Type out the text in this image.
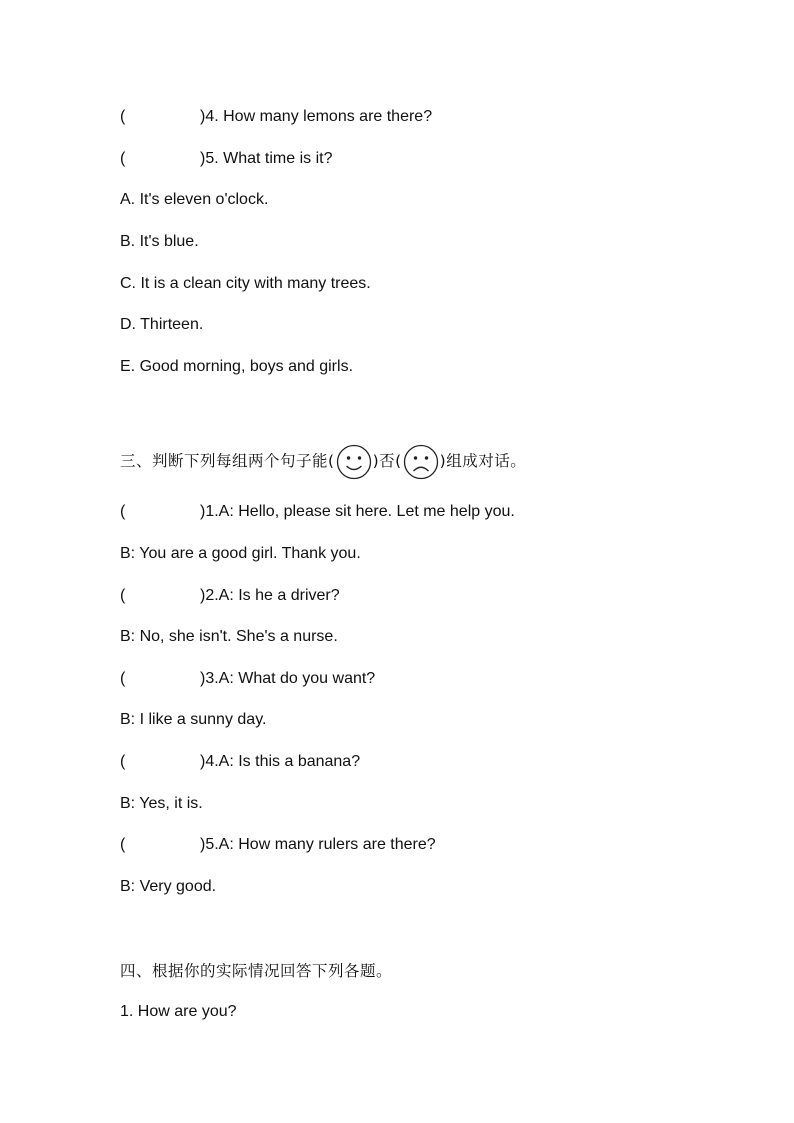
(	)4. How many lemons are there?
(	)5. What time is it?
A. It's eleven o'clock.
B. It's blue.
C. It is a clean city with many trees.
D. Thirteen.
E. Good morning, boys and girls.
三、判断下列每组两个句子能( )否( )组成对话。
(	)1.A: Hello, please sit here. Let me help you.
B: You are a good girl. Thank you.
(	)2.A: Is he a driver?
B: No, she isn't. She's a nurse.
(	)3.A: What do you want?
B: I like a sunny day.
(	)4.A: Is this a banana?
B: Yes, it is.
(	)5.A: How many rulers are there?
B: Very good.
四、根据你的实际情况回答下列各题。
1. How are you?
